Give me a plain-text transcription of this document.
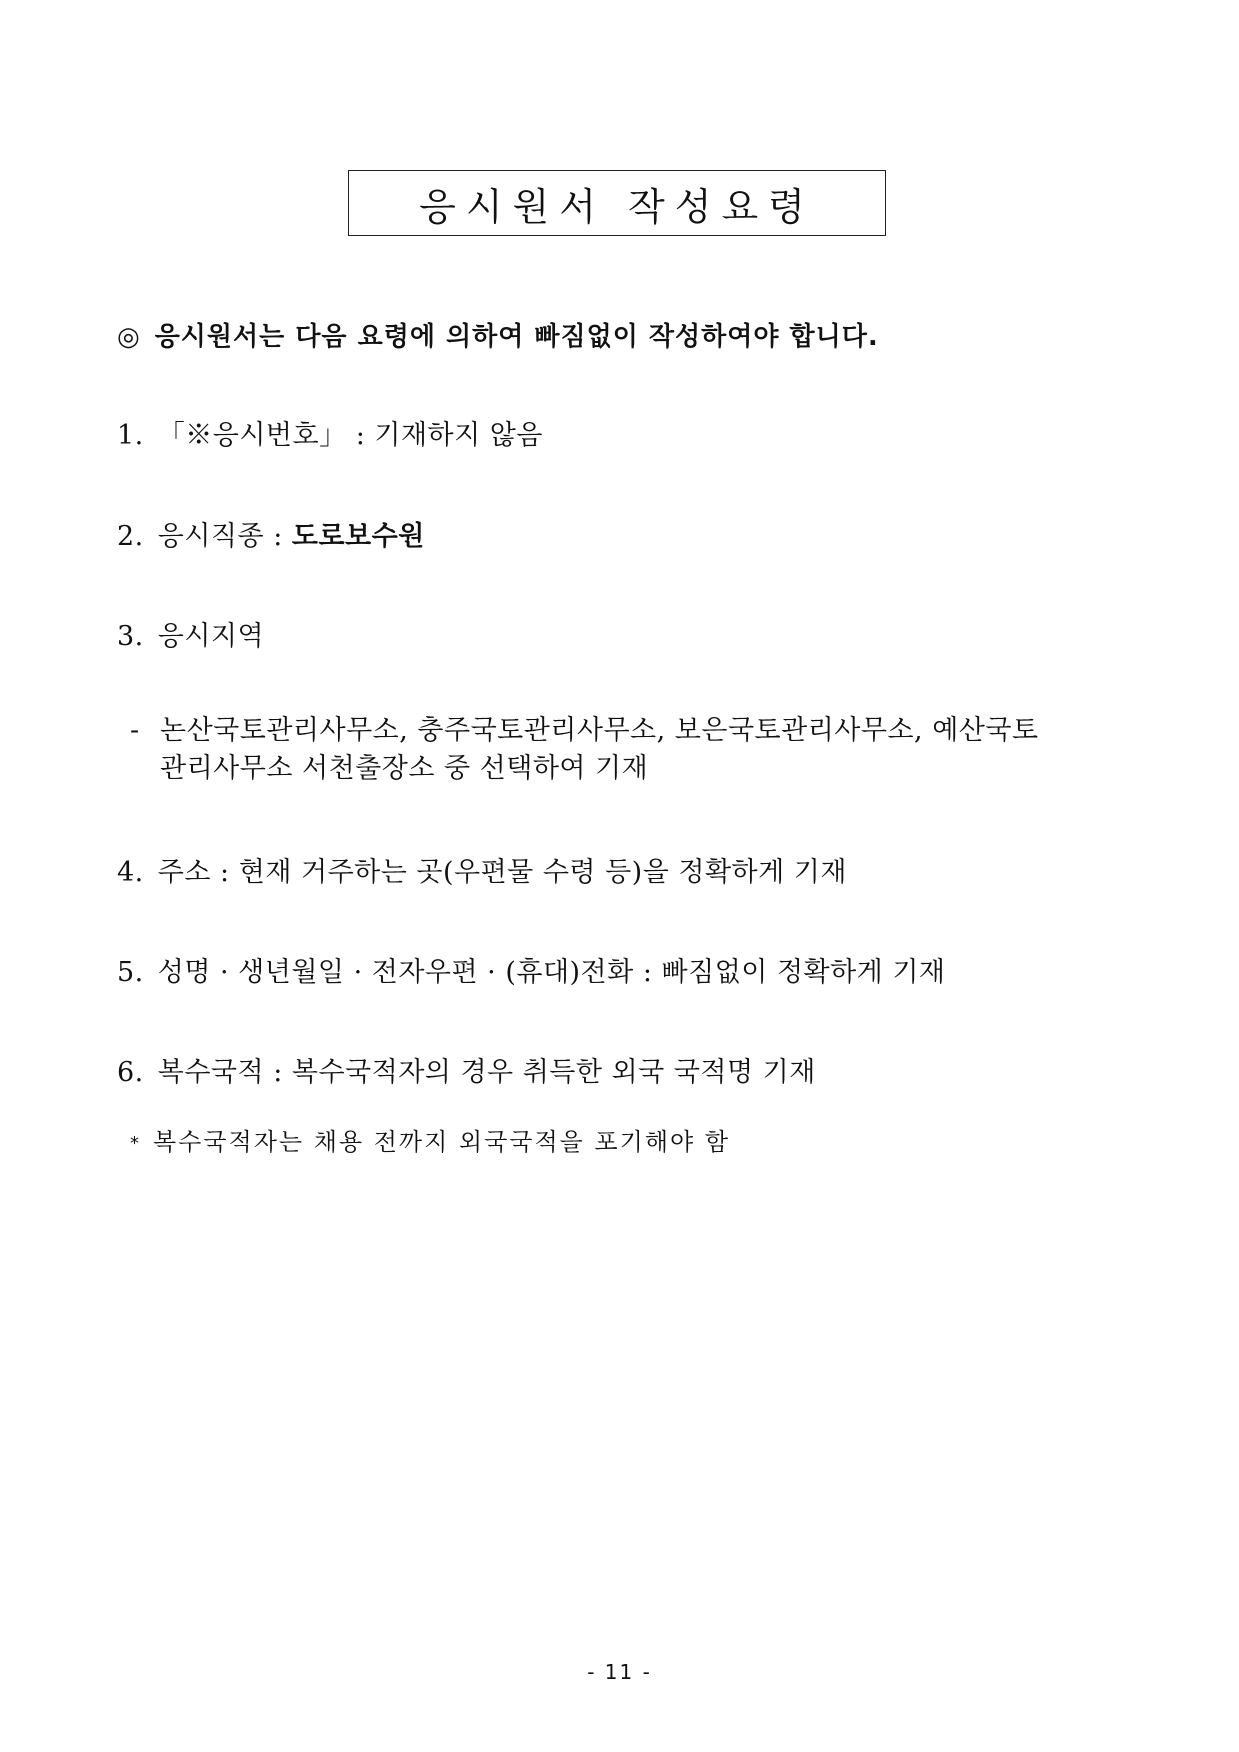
응시원서 작성요령
◎ 응시원서는 다음 요령에 의하여 빠짐없이 작성하여야 합니다.
1. 「※응시번호」 : 기재하지 않음
2. 응시직종 : 도로보수원
3. 응시지역
- 논산국토관리사무소, 충주국토관리사무소, 보은국토관리사무소, 예산국토
관리사무소 서천출장소 중 선택하여 기재
4. 주소 : 현재 거주하는 곳(우편물 수령 등)을 정확하게 기재
5. 성명 · 생년월일 · 전자우편 · (휴대)전화 : 빠짐없이 정확하게 기재
6. 복수국적 : 복수국적자의 경우 취득한 외국 국적명 기재
* 복수국적자는 채용 전까지 외국국적을 포기해야 함
- 11 -
